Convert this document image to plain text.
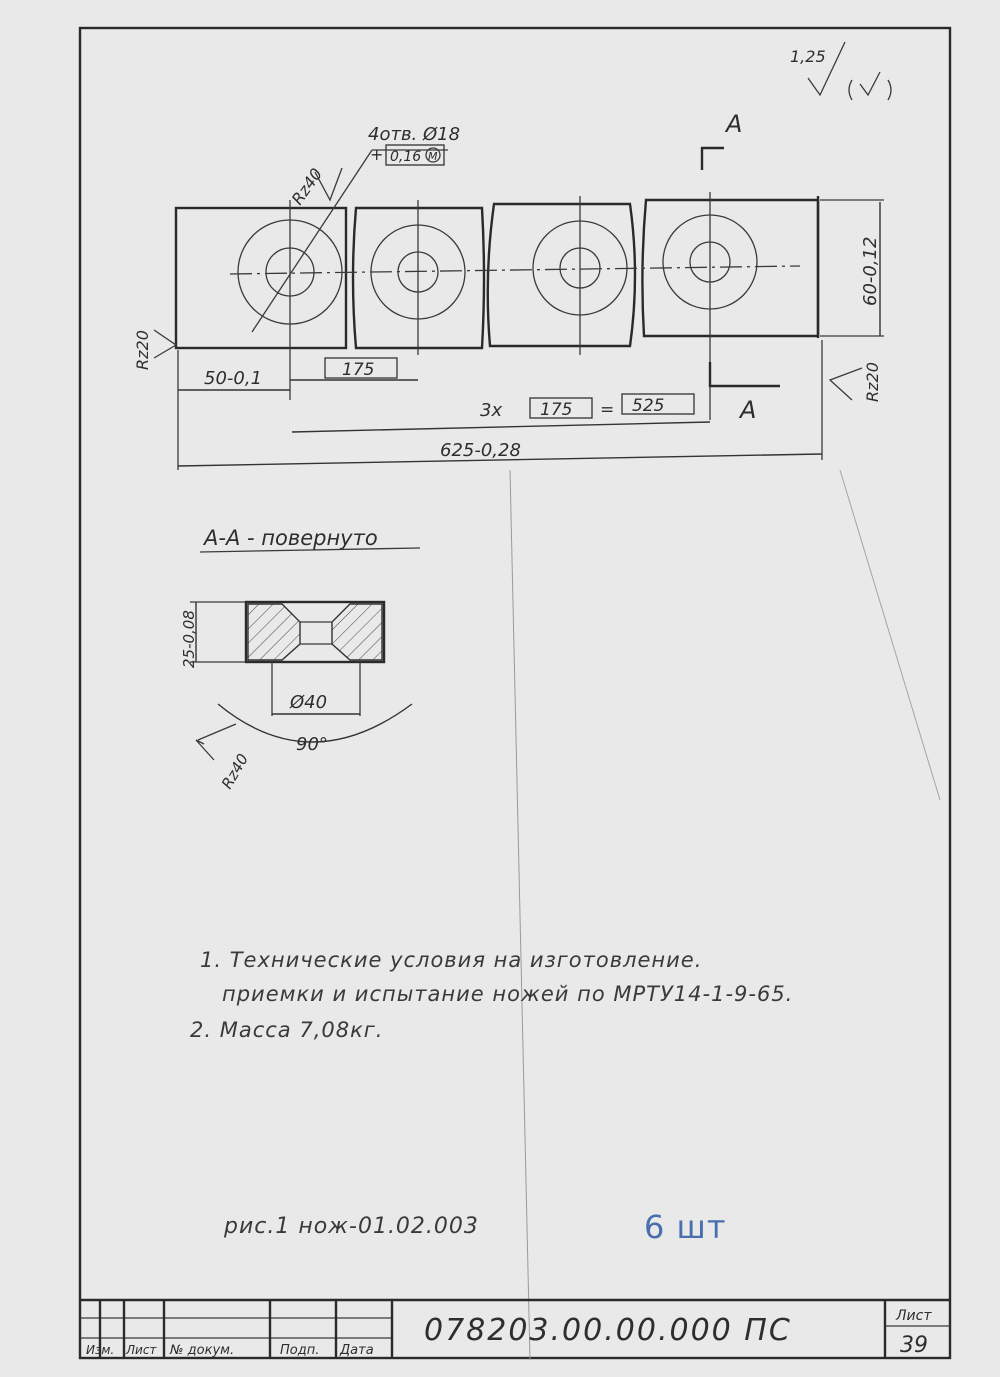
1,25
4отв. Ø18
+ 0,16 M
Rz40
Rz20
Rz20
A
A
60-0,12
50-0,1	175
3x 175 = 525
625-0,28
А-А - повернуто
25-0,08
Ø40
90°
Rz40
Изм. Лист № докум.	Подп. Дата
078203.00.00.000 ПС	Лист
39
1. Технические условия на изготовление.
приемки и испытание ножей по МРТУ14-1-9-65.
2. Масса 7,08кг.
рис.1 нож-01.02.003	6 шт
